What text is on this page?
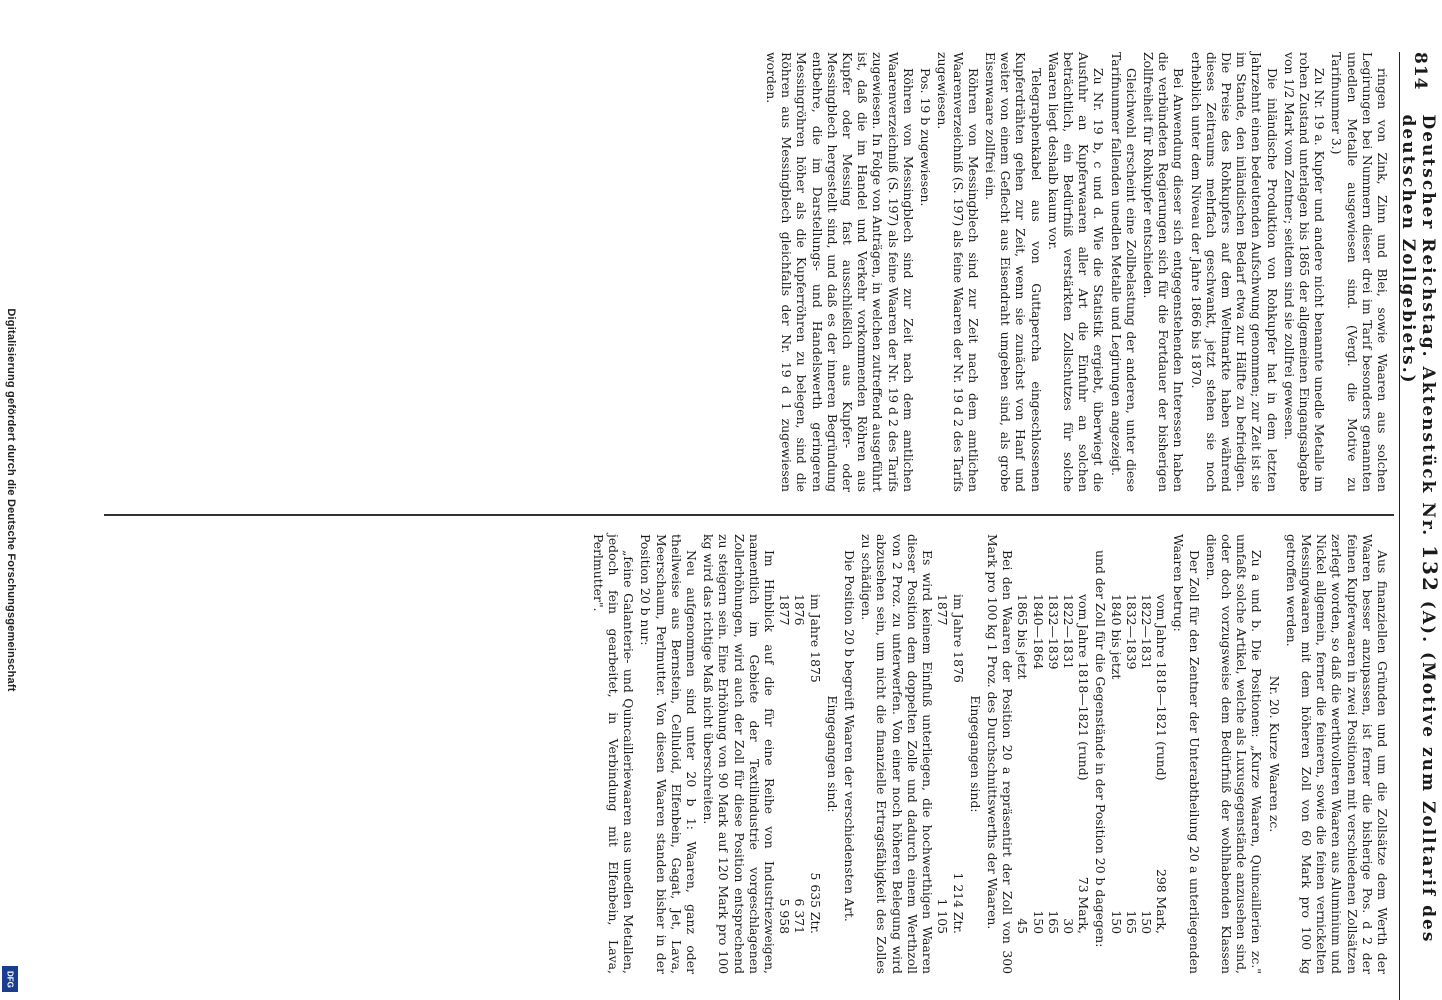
Digitalisierung gefördert durch die Deutsche Forschungsgemeinschaft
DFG
814
Deutscher Reichstag. Aktenstück Nr. 132 (A). (Motive zum Zolltarif des deutschen Zollgebiets.)

ringen von Zink, Zinn und Blei, sowie Waaren aus solchen Legirungen bei Nummern dieser drei im Tarif besonders genannten unedlen Metalle ausgewiesen sind. (Vergl. die Motive zu Tarifnummer 3.)

Zu Nr. 19 a. Kupfer und andere nicht benannte unedle Metalle im rohen Zustand unterlagen bis 1865 der allgemeinen Eingangsabgabe von 1/2 Mark vom Zentner; seitdem sind sie zollfrei gewesen.

Die inländische Produktion von Rohkupfer hat in dem letzten Jahrzehnt einen bedeutenden Aufschwung genommen; zur Zeit ist sie im Stande, den inländischen Bedarf etwa zur Hälfte zu befriedigen. Die Preise des Rohkupfers auf dem Weltmarkte haben während dieses Zeitraums mehrfach geschwankt, jetzt stehen sie noch erheblich unter dem Niveau der Jahre 1866 bis 1870.

Bei Anwendung dieser sich entgegenstehenden Interessen haben die verbündeten Regierungen sich für die Fortdauer der bisherigen Zollfreiheit für Rohkupfer entschieden.

Gleichwohl erscheint eine Zollbelastung der anderen, unter diese Tarifnummer fallenden unedlen Metalle und Legirungen angezeigt.

Zu Nr. 19 b, c und d. Wie die Statistik ergiebt, überwiegt die Ausfuhr an Kupferwaaren aller Art die Einfuhr an solchen beträchtlich, ein Bedürfniß verstärkten Zollschutzes für solche Waaren liegt deshalb kaum vor.

Telegraphenkabel aus von Guttapercha eingeschlossenen Kupferdrähten gehen zur Zeit, wenn sie zunächst von Hanf und weiter von einem Geflecht aus Eisendraht umgeben sind, als grobe Eisenwaare zollfrei ein.

Röhren von Messingblech sind zur Zeit nach dem amtlichen Waarenverzeichniß (S. 197) als feine Waaren der Nr. 19 d 2 des Tarifs zugewiesen.

Pos. 19 b zugewiesen.

Röhren von Messingblech sind zur Zeit nach dem amtlichen Waarenverzeichniß (S. 197) als feine Waaren der Nr. 19 d 2 des Tarifs zugewiesen. In Folge von Anträgen, in welchen zutreffend ausgeführt ist, daß die im Handel und Verkehr vorkommenden Röhren aus Kupfer oder Messing fast ausschließlich aus Kupfer- oder Messingblech hergestellt sind, und daß es der inneren Begründung entbehre, die im Darstellungs- und Handelswerth geringeren Messingröhren höher als die Kupferröhren zu belegen, sind die Röhren aus Messingblech gleichfalls der Nr. 19 d 1 zugewiesen worden.

Aus finanziellen Gründen und um die Zollsätze dem Werth der Waaren besser anzupassen, ist ferner die bisherige Pos. d 2 der feinen Kupferwaaren in zwei Positionen mit verschiedenen Zollsätzen zerlegt worden, so daß die werthvolleren Waaren aus Aluminium und Nickel allgemein, ferner die feineren, sowie die feinen vernickelten Messingwaaren mit dem höheren Zoll von 60 Mark pro 100 kg getroffen werden.

Nr. 20. Kurze Waaren zc.

Zu a und b. Die Positionen: „Kurze Waaren, Quincaillerien zc." umfaßt solche Artikel, welche als Luxusgegenstände anzusehen sind, oder doch vorzugsweise dem Bedürfniß der wohlhabenden Klassen dienen.

Der Zoll für den Zentner der Unterabtheilung 20 a unterliegenden Waaren betrug:

vom Jahre 1818—1821 (rund)
298 Mark,
1822—1831
150
1832—1839
165
1840 bis jetzt
150

und der Zoll für die Gegenstände in der Position 20 b dagegen:

vom Jahre 1818—1821 (rund)
73 Mark,
1822—1831
30
1832—1839
165
1840—1864
150
1865 bis jetzt
45

Bei den Waaren der Position 20 a repräsentirt der Zoll von 300 Mark pro 100 kg 1 Proz. des Durchschnittswerths der Waaren.

Eingegangen sind:

im Jahre 1876
1 214 Ztr.
1877
1 105

Es wird keinem Einfluß unterliegen, die hochwerthigen Waaren dieser Position dem doppelten Zolle und dadurch einem Werthzoll von 2 Proz. zu unterwerfen. Von einer noch höheren Belegung wird abzusehen sein, um nicht die finanzielle Ertragsfähigkeit des Zolles zu schädigen.

Die Position 20 b begreift Waaren der verschiedensten Art.

Eingegangen sind:

im Jahre 1875
5 635 Ztr.
1876
6 371
1877
5 958

Im Hinblick auf die für eine Reihe von Industriezweigen, namentlich im Gebiete der Textilindustrie vorgeschlagenen Zollerhöhungen, wird auch der Zoll für diese Position entsprechend zu steigern sein. Eine Erhöhung von 90 Mark auf 120 Mark pro 100 kg wird das richtige Maß nicht überschreiten.

Neu aufgenommen sind unter 20 b 1: Waaren, ganz oder theilweise aus Bernstein, Celluloid, Elfenbein, Gagat, Jet, Lava, Meerschaum, Perlmutter. Von diesen Waaren standen bisher in der Position 20 b nur:

„feine Galanterie- und Quincailleriewaaren aus unedlen Metallen, jedoch fein gearbeitet, in Verbindung mit Elfenbein, Lava, Perlmutter".
